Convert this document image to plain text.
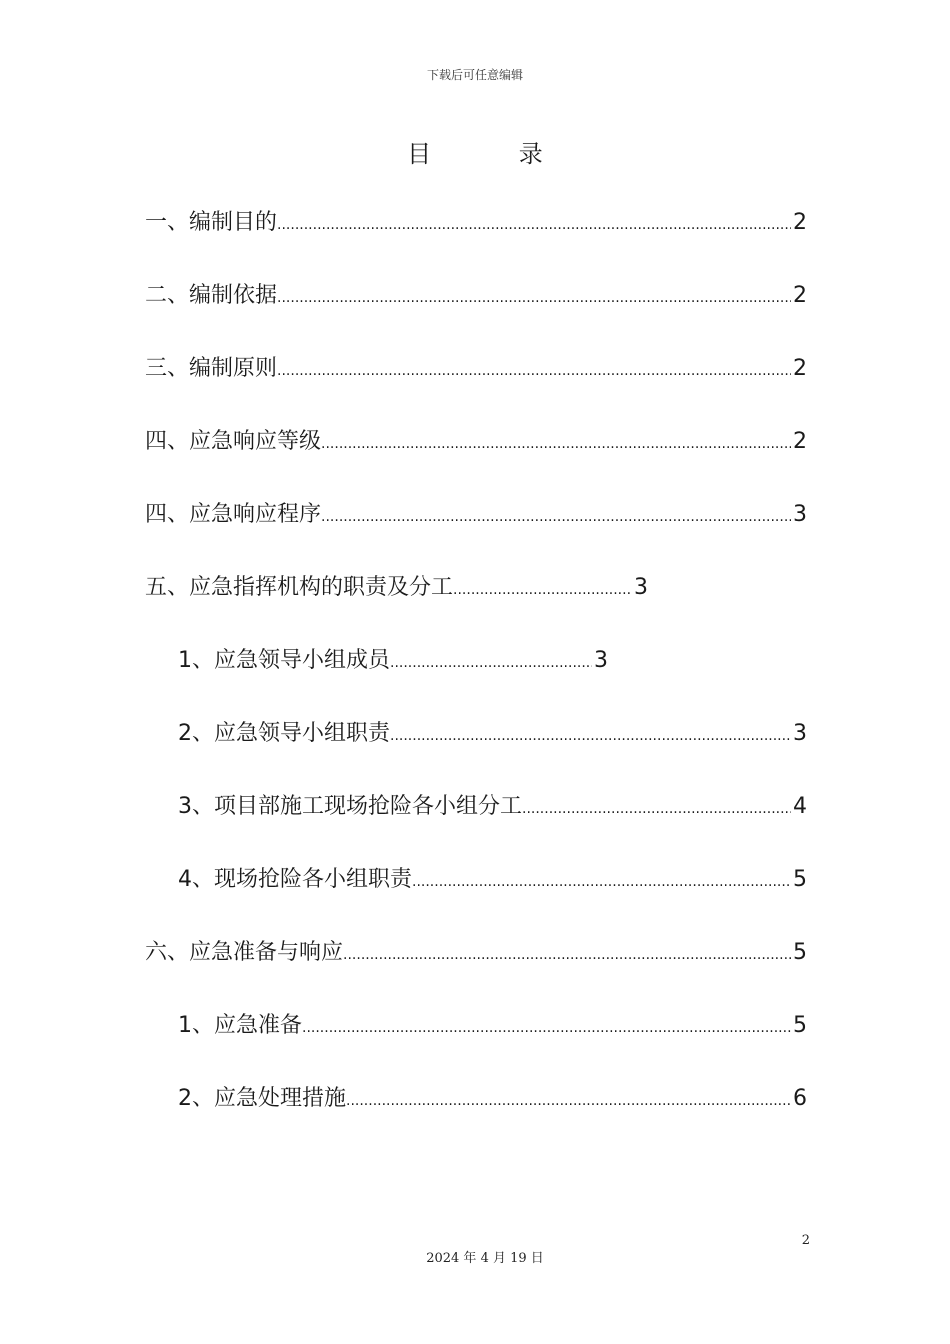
下载后可任意编辑
目 录
一、编制目的 .....	2
二、编制依据 .....	2
三、编制原则 .....	2
四、应急响应等级 .....	2
四、应急响应程序 .....	3
五、应急指挥机构的职责及分工 .....	3
1、应急领导小组成员 .....	3
2、应急领导小组职责 .....	3
3、项目部施工现场抢险各小组分工 .....	4
4、现场抢险各小组职责 .....	5
六、应急准备与响应 .....	5
1、应急准备 .....	5
2、应急处理措施 .....	6
2
2024 年 4 月 19 日
